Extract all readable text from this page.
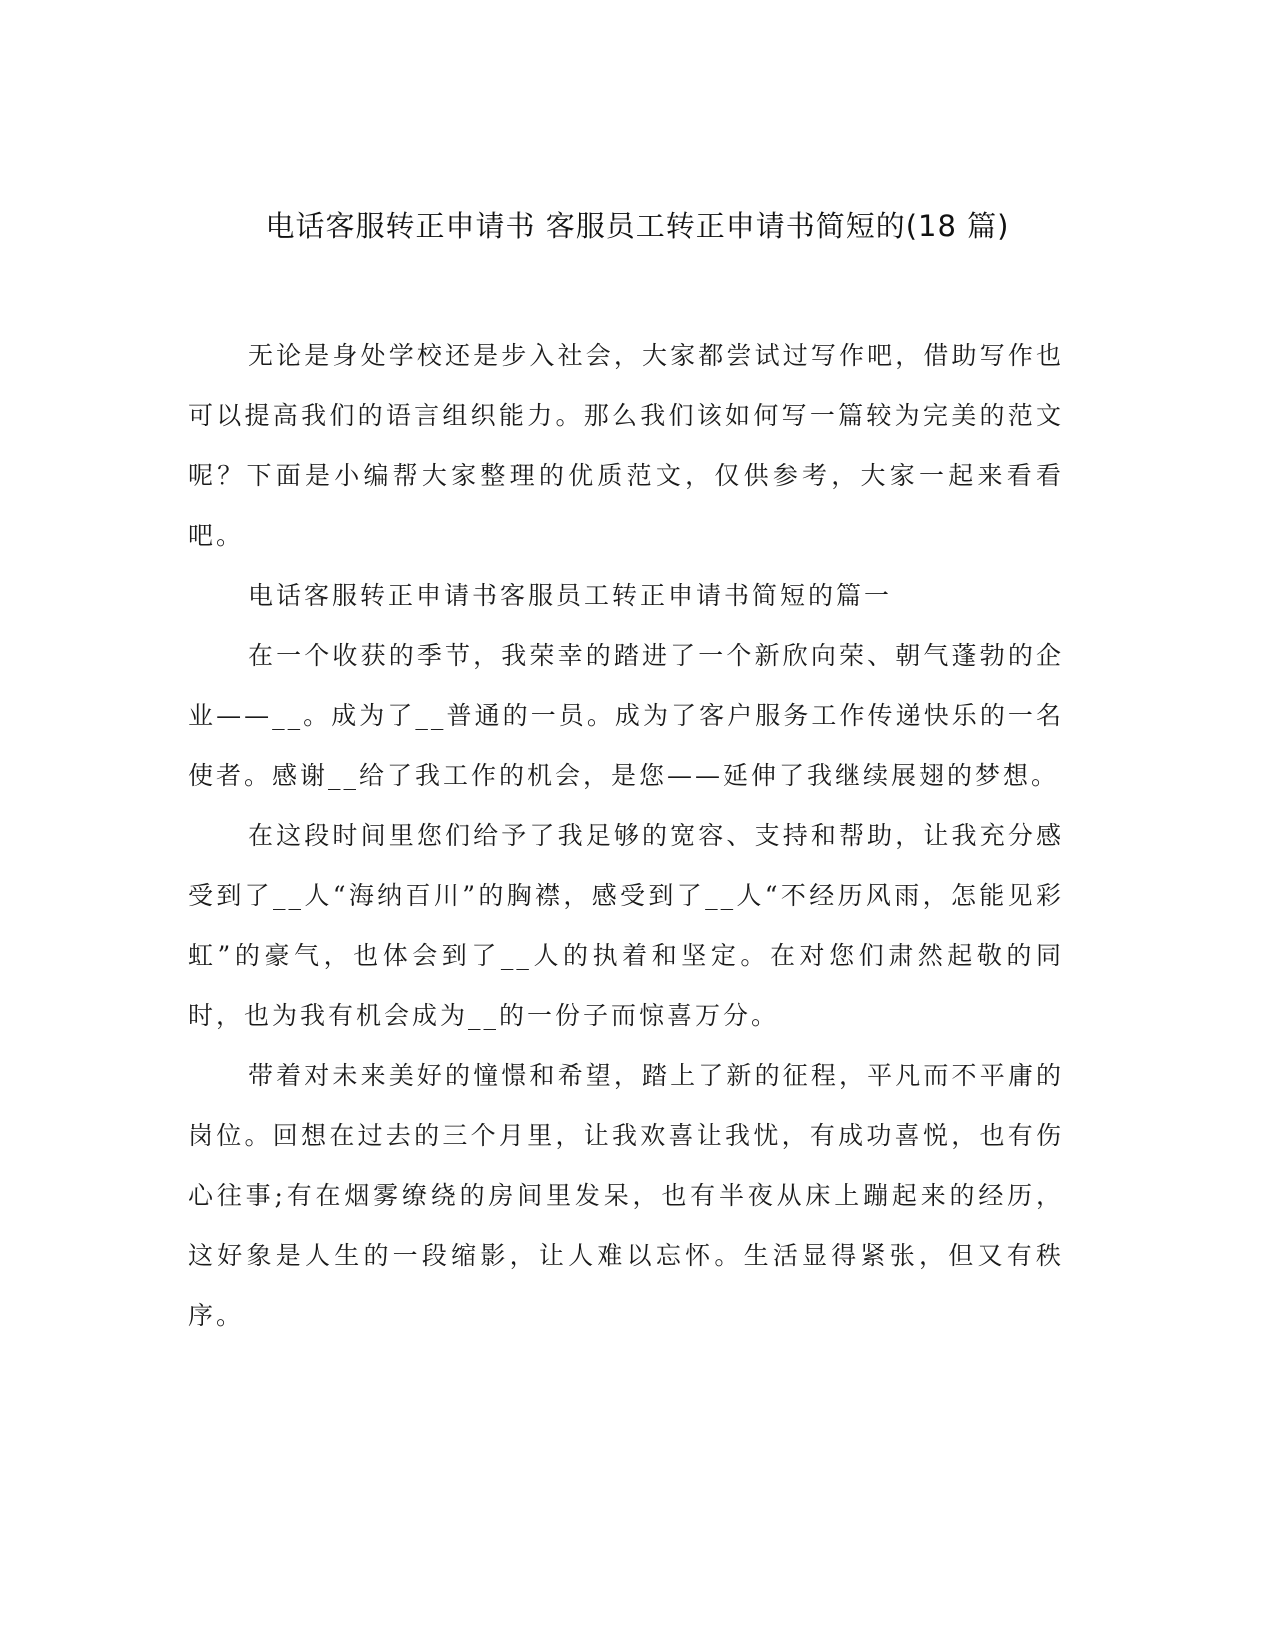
电话客服转正申请书 客服员工转正申请书简短的(18 篇)

无论是身处学校还是步入社会，大家都尝试过写作吧，借助写作也可以提高我们的语言组织能力。那么我们该如何写一篇较为完美的范文呢？下面是小编帮大家整理的优质范文，仅供参考，大家一起来看看吧。

电话客服转正申请书客服员工转正申请书简短的篇一

在一个收获的季节，我荣幸的踏进了一个新欣向荣、朝气蓬勃的企业——__。成为了__普通的一员。成为了客户服务工作传递快乐的一名使者。感谢__给了我工作的机会，是您——延伸了我继续展翅的梦想。

在这段时间里您们给予了我足够的宽容、支持和帮助，让我充分感受到了__人“海纳百川”的胸襟，感受到了__人“不经历风雨，怎能见彩虹”的豪气，也体会到了__人的执着和坚定。在对您们肃然起敬的同时，也为我有机会成为__的一份子而惊喜万分。

带着对未来美好的憧憬和希望，踏上了新的征程，平凡而不平庸的岗位。回想在过去的三个月里，让我欢喜让我忧，有成功喜悦，也有伤心往事;有在烟雾缭绕的房间里发呆，也有半夜从床上蹦起来的经历，这好象是人生的一段缩影，让人难以忘怀。生活显得紧张，但又有秩序。
